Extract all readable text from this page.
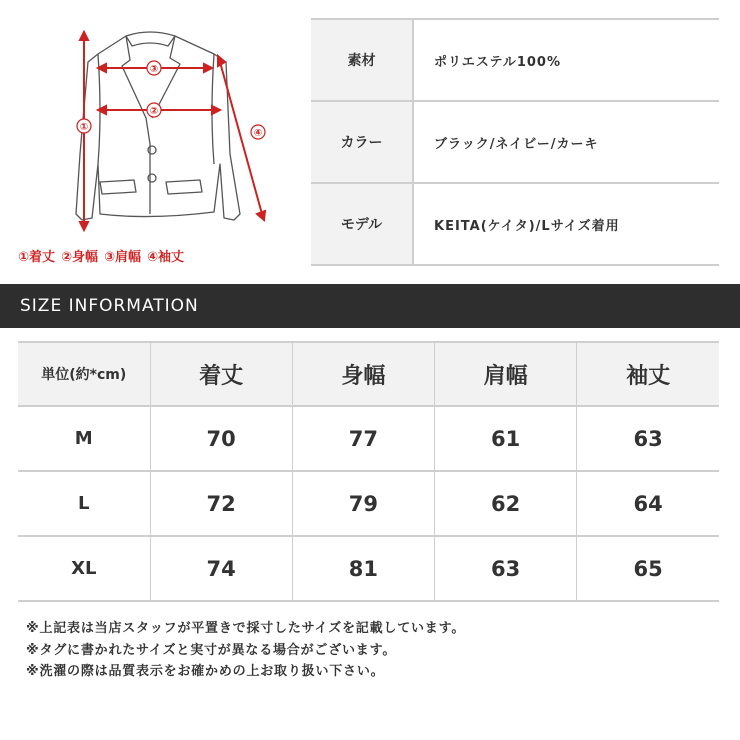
①
②
③
④
①着丈 ②身幅 ③肩幅 ④袖丈
素材	ポリエステル100%
カラー	ブラック/ネイビー/カーキ
モデル	KEITA(ケイタ)/Lサイズ着用
SIZE INFORMATION
単位(約*cm)	着丈	身幅	肩幅	袖丈
M	70	77	61	63
L	72	79	62	64
XL	74	81	63	65
※上記表は当店スタッフが平置きで採寸したサイズを記載しています。
※タグに書かれたサイズと実寸が異なる場合がございます。
※洗濯の際は品質表示をお確かめの上お取り扱い下さい。
